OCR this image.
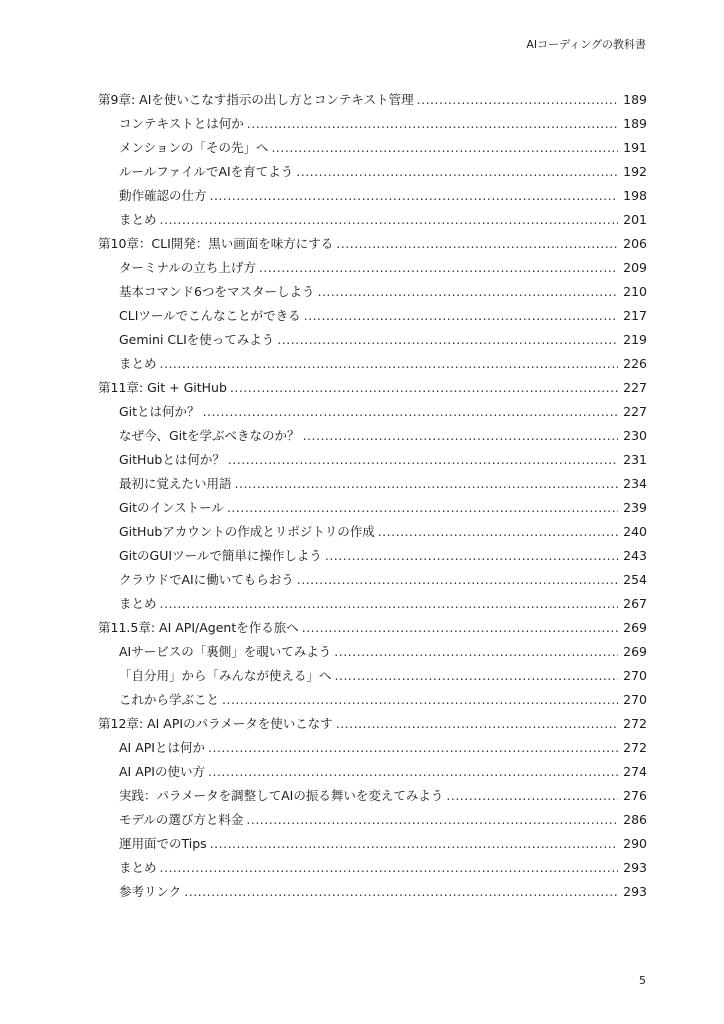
AIコーディングの教科書
第9章: AIを使いこなす指示の出し方とコンテキスト管理 .....	189
コンテキストとは何か .....	189
メンションの「その先」へ .....	191
ルールファイルでAIを育てよう .....	192
動作確認の仕方 .....	198
まとめ .....	201
第10章：CLI開発：黒い画面を味方にする .....	206
ターミナルの立ち上げ方 .....	209
基本コマンド6つをマスターしよう .....	210
CLIツールでこんなことができる .....	217
Gemini CLIを使ってみよう .....	219
まとめ .....	226
第11章: Git + GitHub .....	227
Gitとは何か？ .....	227
なぜ今、Gitを学ぶべきなのか？ .....	230
GitHubとは何か？ .....	231
最初に覚えたい用語 .....	234
Gitのインストール .....	239
GitHubアカウントの作成とリポジトリの作成 .....	240
GitのGUIツールで簡単に操作しよう .....	243
クラウドでAIに働いてもらおう .....	254
まとめ .....	267
第11.5章: AI API/Agentを作る旅へ .....	269
AIサービスの「裏側」を覗いてみよう .....	269
「自分用」から「みんなが使える」へ .....	270
これから学ぶこと .....	270
第12章: AI APIのパラメータを使いこなす .....	272
AI APIとは何か .....	272
AI APIの使い方 .....	274
実践：パラメータを調整してAIの振る舞いを変えてみよう .....	276
モデルの選び方と料金 .....	286
運用面でのTips .....	290
まとめ .....	293
参考リンク .....	293
5
